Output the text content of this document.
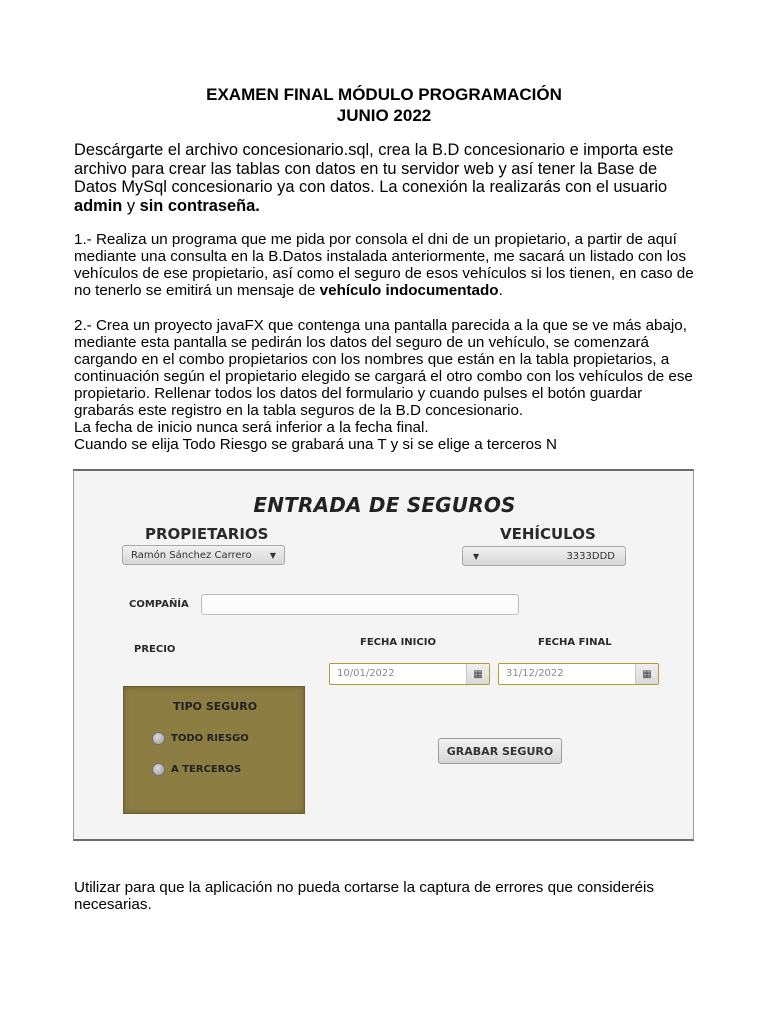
EXAMEN FINAL MÓDULO PROGRAMACIÓN
JUNIO 2022

Descárgarte el archivo concesionario.sql, crea la B.D concesionario e importa este archivo para crear las tablas con datos en tu servidor web y así tener la Base de Datos MySql concesionario ya con datos. La conexión la realizarás con el usuario admin y sin contraseña.

1.- Realiza un programa que me pida por consola el dni de un propietario, a partir de aquí mediante una consulta en la B.Datos instalada anteriormente, me sacará un listado con los vehículos de ese propietario, así como el seguro de esos vehículos si los tienen, en caso de no tenerlo se emitirá un mensaje de vehículo indocumentado.

2.- Crea un proyecto javaFX que contenga una pantalla parecida a la que se ve más abajo, mediante esta pantalla se pedirán los datos del seguro de un vehículo, se comenzará cargando en el combo propietarios con los nombres que están en la tabla propietarios, a continuación según el propietario elegido se cargará el otro combo con los vehículos de ese propietario. Rellenar todos los datos del formulario y cuando pulses el botón guardar grabarás este registro en la tabla seguros de la B.D concesionario.
La fecha de inicio nunca será inferior a la fecha final.
Cuando se elija Todo Riesgo se grabará una T y si se elige a terceros N
ENTRADA DE SEGUROS
PROPIETARIOS
Ramón Sánchez Carrero ▼
VEHÍCULOS
▼	3333DDD
COMPAÑÍA
PRECIO
FECHA INICIO
10/01/2022	▦
FECHA FINAL
31/12/2022	▦
TIPO SEGURO
TODO RIESGO
A TERCEROS
GRABAR SEGURO

Utilizar para que la aplicación no pueda cortarse la captura de errores que consideréis necesarias.
